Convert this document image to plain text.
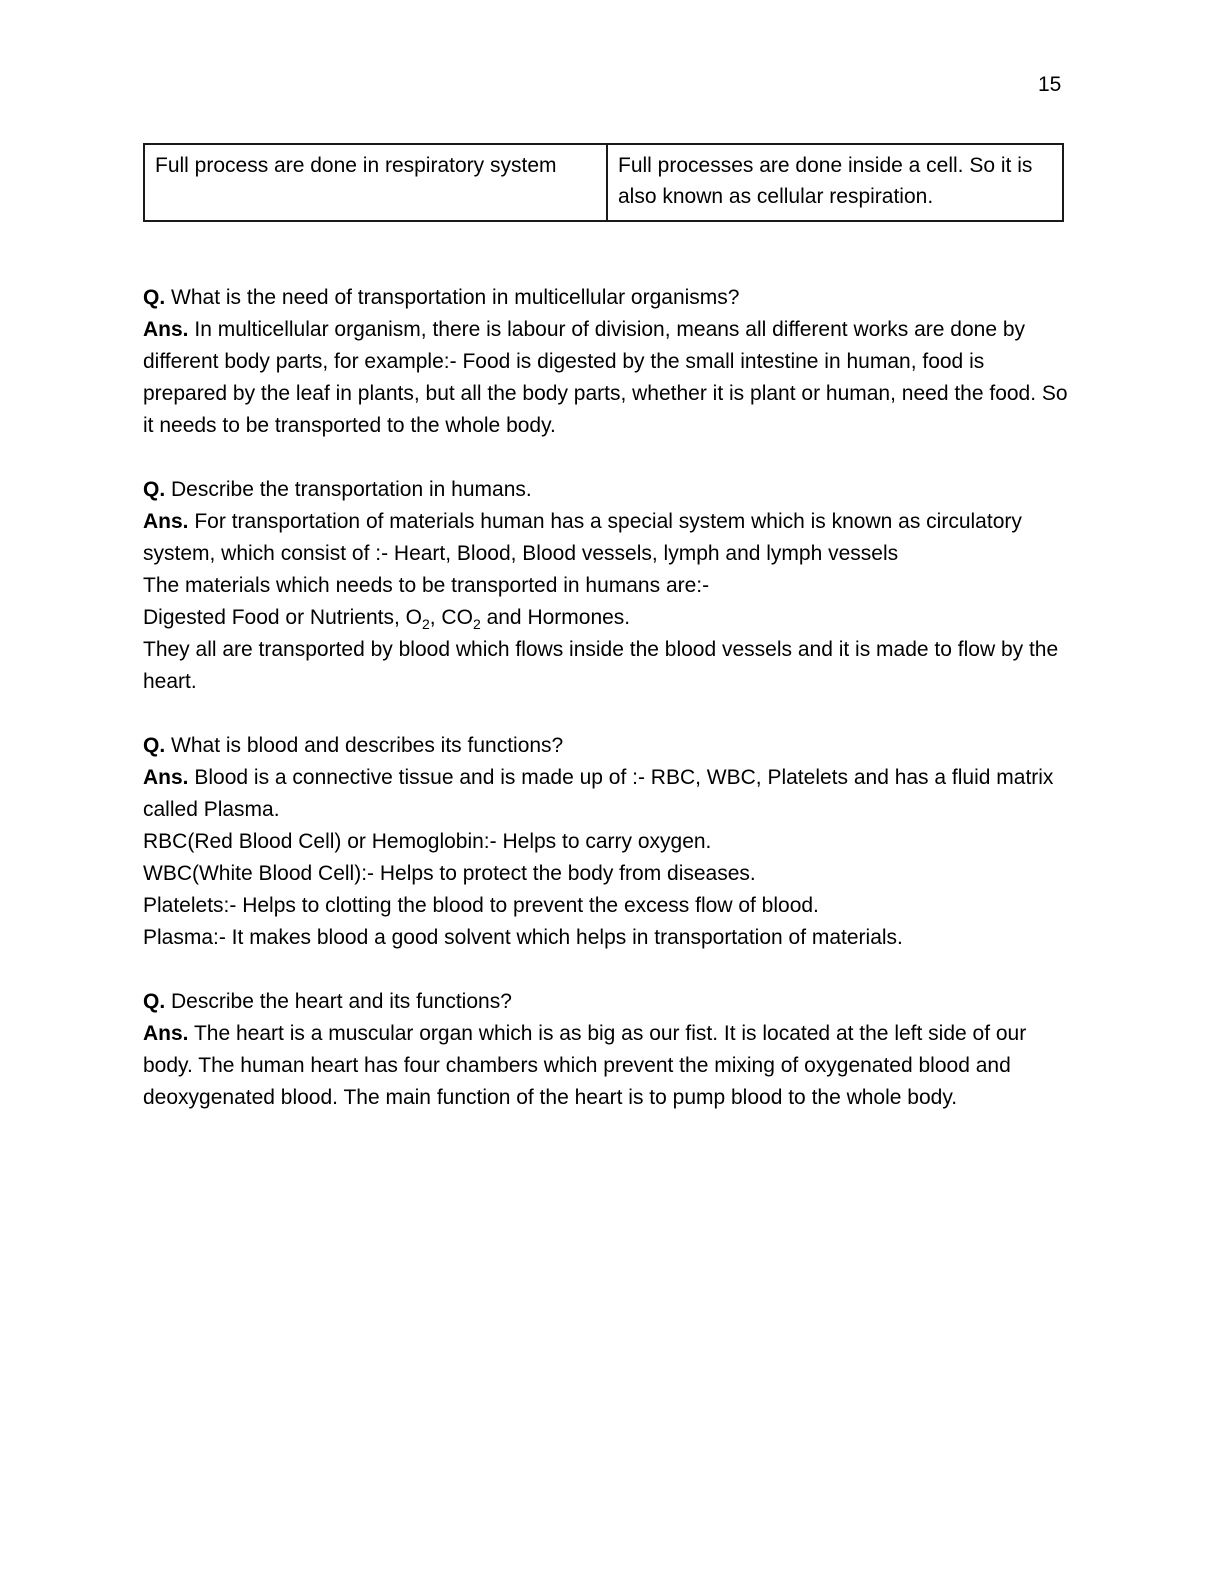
15
Full process are done in respiratory system	Full processes are done inside a cell. So it is also known as cellular respiration.

Q. What is the need of transportation in multicellular organisms?

Ans. In multicellular organism, there is labour of division, means all different works are done by different body parts, for example:- Food is digested by the small intestine in human, food is prepared by the leaf in plants, but all the body parts, whether it is plant or human, need the food. So it needs to be transported to the whole body.

Q. Describe the transportation in humans.

Ans. For transportation of materials human has a special system which is known as circulatory system, which consist of :- Heart, Blood, Blood vessels, lymph and lymph vessels

The materials which needs to be transported in humans are:-

Digested Food or Nutrients, $O_2$, $CO_2$ and Hormones.

They all are transported by blood which flows inside the blood vessels and it is made to flow by the heart.

Q. What is blood and describes its functions?

Ans. Blood is a connective tissue and is made up of :- RBC, WBC, Platelets and has a fluid matrix called Plasma.

RBC(Red Blood Cell) or Hemoglobin:- Helps to carry oxygen.

WBC(White Blood Cell):- Helps to protect the body from diseases.

Platelets:- Helps to clotting the blood to prevent the excess flow of blood.

Plasma:- It makes blood a good solvent which helps in transportation of materials.

Q. Describe the heart and its functions?

Ans. The heart is a muscular organ which is as big as our fist. It is located at the left side of our body. The human heart has four chambers which prevent the mixing of oxygenated blood and deoxygenated blood. The main function of the heart is to pump blood to the whole body.
